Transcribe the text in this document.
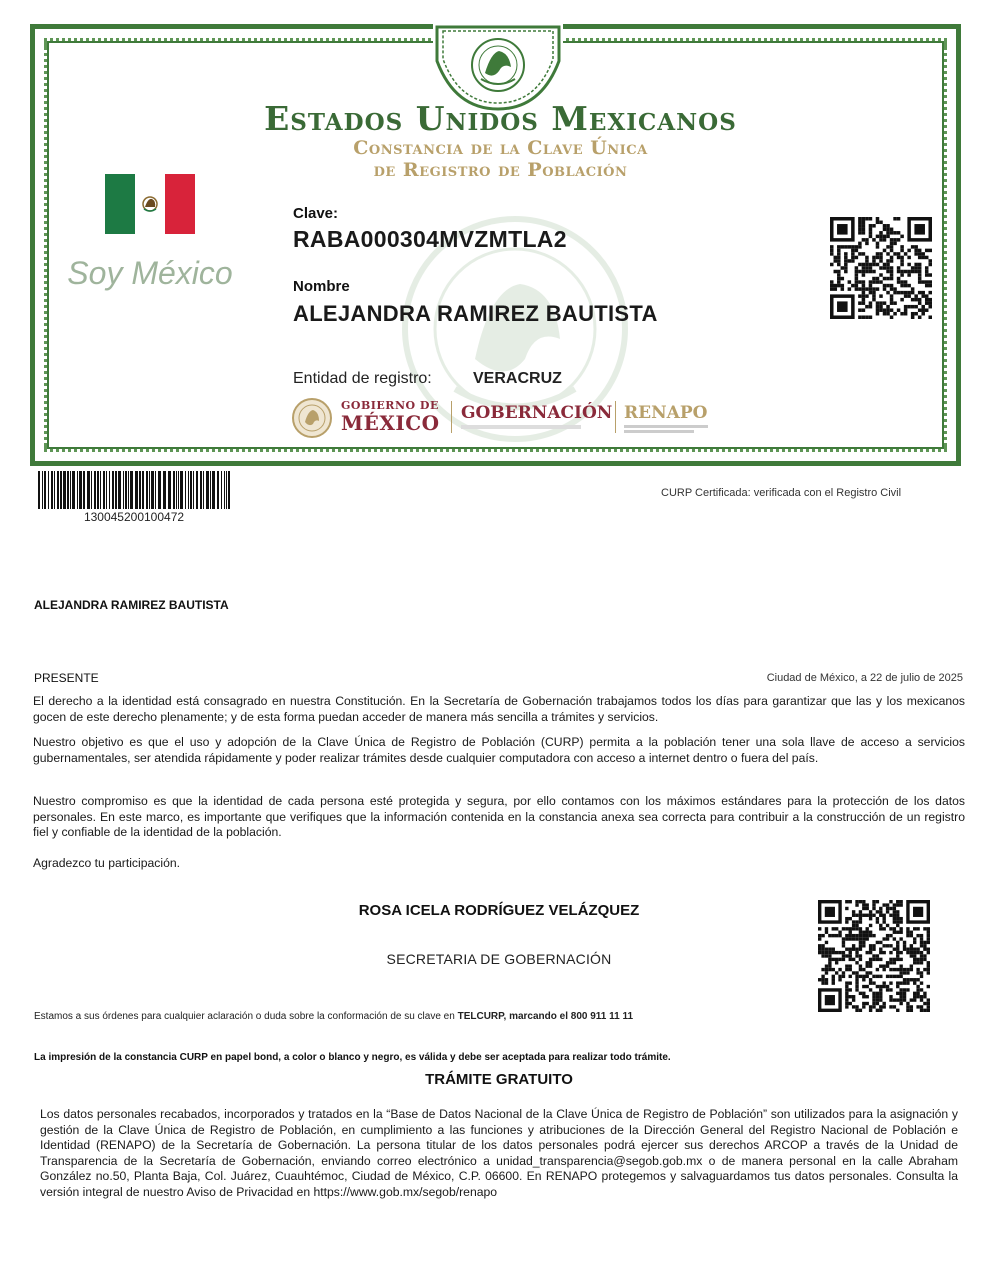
Estados Unidos Mexicanos
Constancia de la Clave Única
de Registro de Población
Soy México
Clave:
RABA000304MVZMTLA2
Nombre
ALEJANDRA RAMIREZ BAUTISTA
Entidad de registro:	VERACRUZ
GOBIERNO DE
MÉXICO GOBERNACIÓN RENAPO
130045200100472
CURP Certificada: verificada con el Registro Civil
ALEJANDRA RAMIREZ BAUTISTA
PRESENTE	Ciudad de México, a 22 de julio de 2025
El derecho a la identidad está consagrado en nuestra Constitución. En la Secretaría de Gobernación trabajamos todos los días para garantizar que las y los mexicanos gocen de este derecho plenamente; y de esta forma puedan acceder de manera más sencilla a trámites y servicios.
Nuestro objetivo es que el uso y adopción de la Clave Única de Registro de Población (CURP) permita a la población tener una sola llave de acceso a servicios gubernamentales, ser atendida rápidamente y poder realizar trámites desde cualquier computadora con acceso a internet dentro o fuera del país.
Nuestro compromiso es que la identidad de cada persona esté protegida y segura, por ello contamos con los máximos estándares para la protección de los datos personales. En este marco, es importante que verifiques que la información contenida en la constancia anexa sea correcta para contribuir a la construcción de un registro fiel y confiable de la identidad de la población.
Agradezco tu participación.
ROSA ICELA RODRÍGUEZ VELÁZQUEZ
SECRETARIA DE GOBERNACIÓN
Estamos a sus órdenes para cualquier aclaración o duda sobre la conformación de su clave en TELCURP, marcando el 800 911 11 11
La impresión de la constancia CURP en papel bond, a color o blanco y negro, es válida y debe ser aceptada para realizar todo trámite.
TRÁMITE GRATUITO
Los datos personales recabados, incorporados y tratados en la “Base de Datos Nacional de la Clave Única de Registro de Población” son utilizados para la asignación y gestión de la Clave Única de Registro de Población, en cumplimiento a las funciones y atribuciones de la Dirección General del Registro Nacional de Población e Identidad (RENAPO) de la Secretaría de Gobernación. La persona titular de los datos personales podrá ejercer sus derechos ARCOP a través de la Unidad de Transparencia de la Secretaría de Gobernación, enviando correo electrónico a unidad_transparencia@segob.gob.mx o de manera personal en la calle Abraham González no.50, Planta Baja, Col. Juárez, Cuauhtémoc, Ciudad de México, C.P. 06600. En RENAPO protegemos y salvaguardamos tus datos personales. Consulta la versión integral de nuestro Aviso de Privacidad en https://www.gob.mx/segob/renapo
